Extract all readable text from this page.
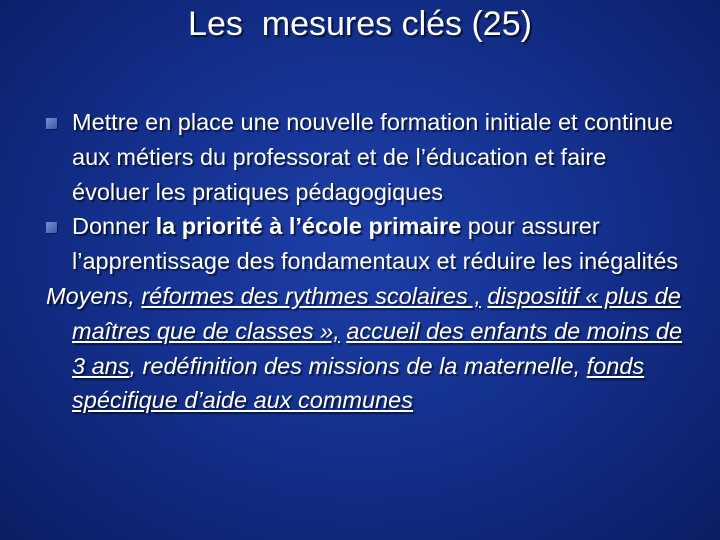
Les  mesures clés (25)
Mettre en place une nouvelle formation initiale et continue aux métiers du professorat et de l’éducation et faire évoluer les pratiques pédagogiques
Donner la priorité à l’école primaire pour assurer l’apprentissage des fondamentaux et réduire les inégalités
Moyens, réformes des rythmes scolaires , dispositif « plus de maîtres que de classes », accueil des enfants de moins de 3 ans, redéfinition des missions de la maternelle, fonds spécifique d’aide aux communes
